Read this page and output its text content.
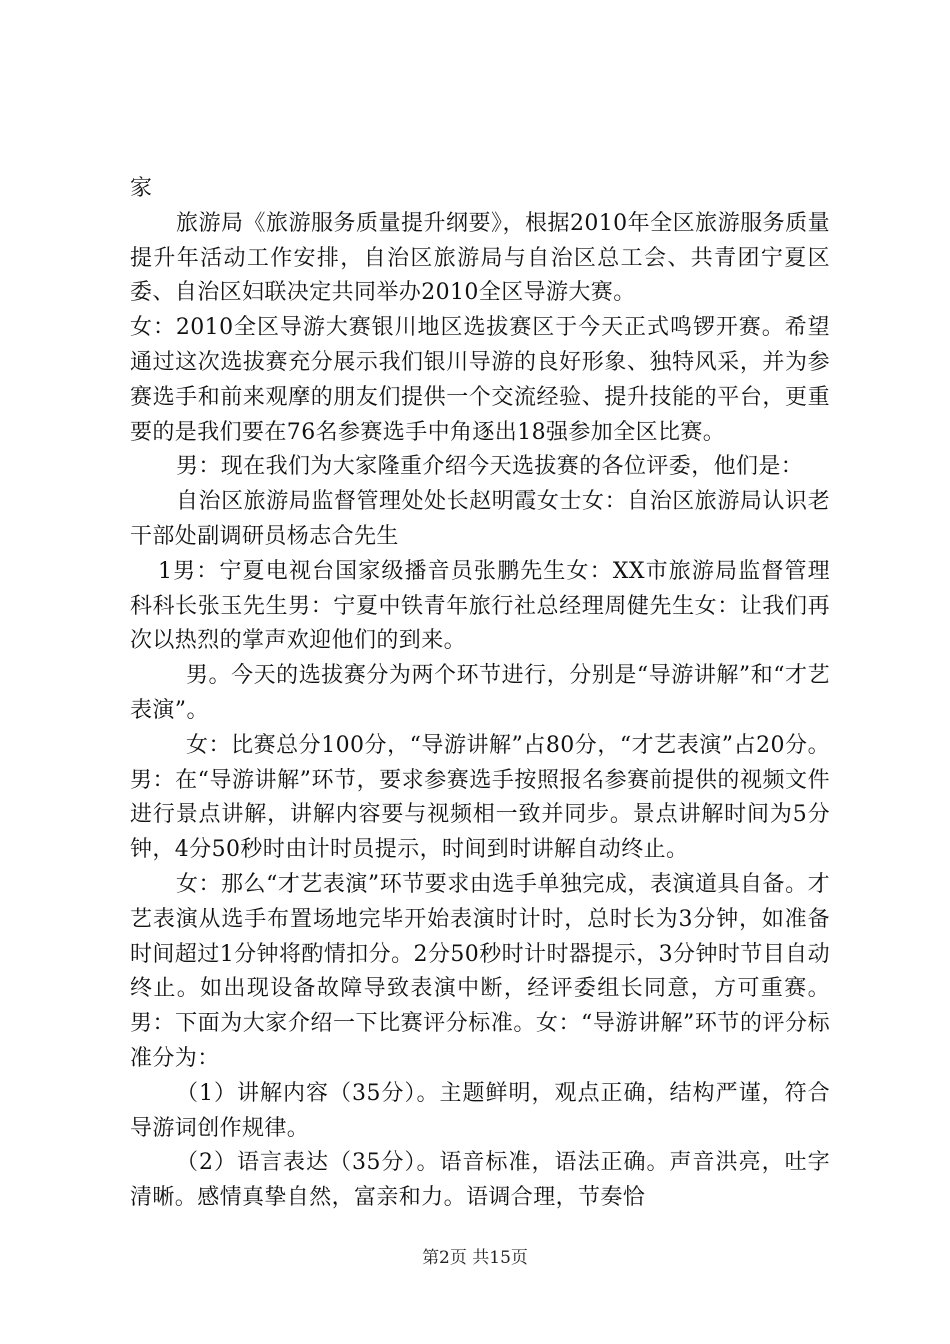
家

旅游局《旅游服务质量提升纲要》，根据2010年全区旅游服务质量提升年活动工作安排，自治区旅游局与自治区总工会、共青团宁夏区委、自治区妇联决定共同举办2010全区导游大赛。

女：2010全区导游大赛银川地区选拔赛区于今天正式鸣锣开赛。希望通过这次选拔赛充分展示我们银川导游的良好形象、独特风采，并为参赛选手和前来观摩的朋友们提供一个交流经验、提升技能的平台，更重要的是我们要在76名参赛选手中角逐出18强参加全区比赛。

男：现在我们为大家隆重介绍今天选拔赛的各位评委，他们是：

自治区旅游局监督管理处处长赵明霞女士女：自治区旅游局认识老干部处副调研员杨志合先生

1男：宁夏电视台国家级播音员张鹏先生女：XX市旅游局监督管理科科长张玉先生男：宁夏中铁青年旅行社总经理周健先生女：让我们再次以热烈的掌声欢迎他们的到来。

男。今天的选拔赛分为两个环节进行，分别是“导游讲解”和“才艺表演”。

女：比赛总分100分，“导游讲解”占80分，“才艺表演”占20分。男：在“导游讲解”环节，要求参赛选手按照报名参赛前提供的视频文件进行景点讲解，讲解内容要与视频相一致并同步。景点讲解时间为5分钟，4分50秒时由计时员提示，时间到时讲解自动终止。

女：那么“才艺表演”环节要求由选手单独完成，表演道具自备。才艺表演从选手布置场地完毕开始表演时计时，总时长为3分钟，如准备时间超过1分钟将酌情扣分。2分50秒时计时器提示，3分钟时节目自动终止。如出现设备故障导致表演中断，经评委组长同意，方可重赛。男：下面为大家介绍一下比赛评分标准。女：“导游讲解”环节的评分标准分为：

（1）讲解内容（35分）。主题鲜明，观点正确，结构严谨，符合导游词创作规律。

（2）语言表达（35分）。语音标准，语法正确。声音洪亮，吐字清晰。感情真挚自然，富亲和力。语调合理，节奏恰

第2页 共15页
